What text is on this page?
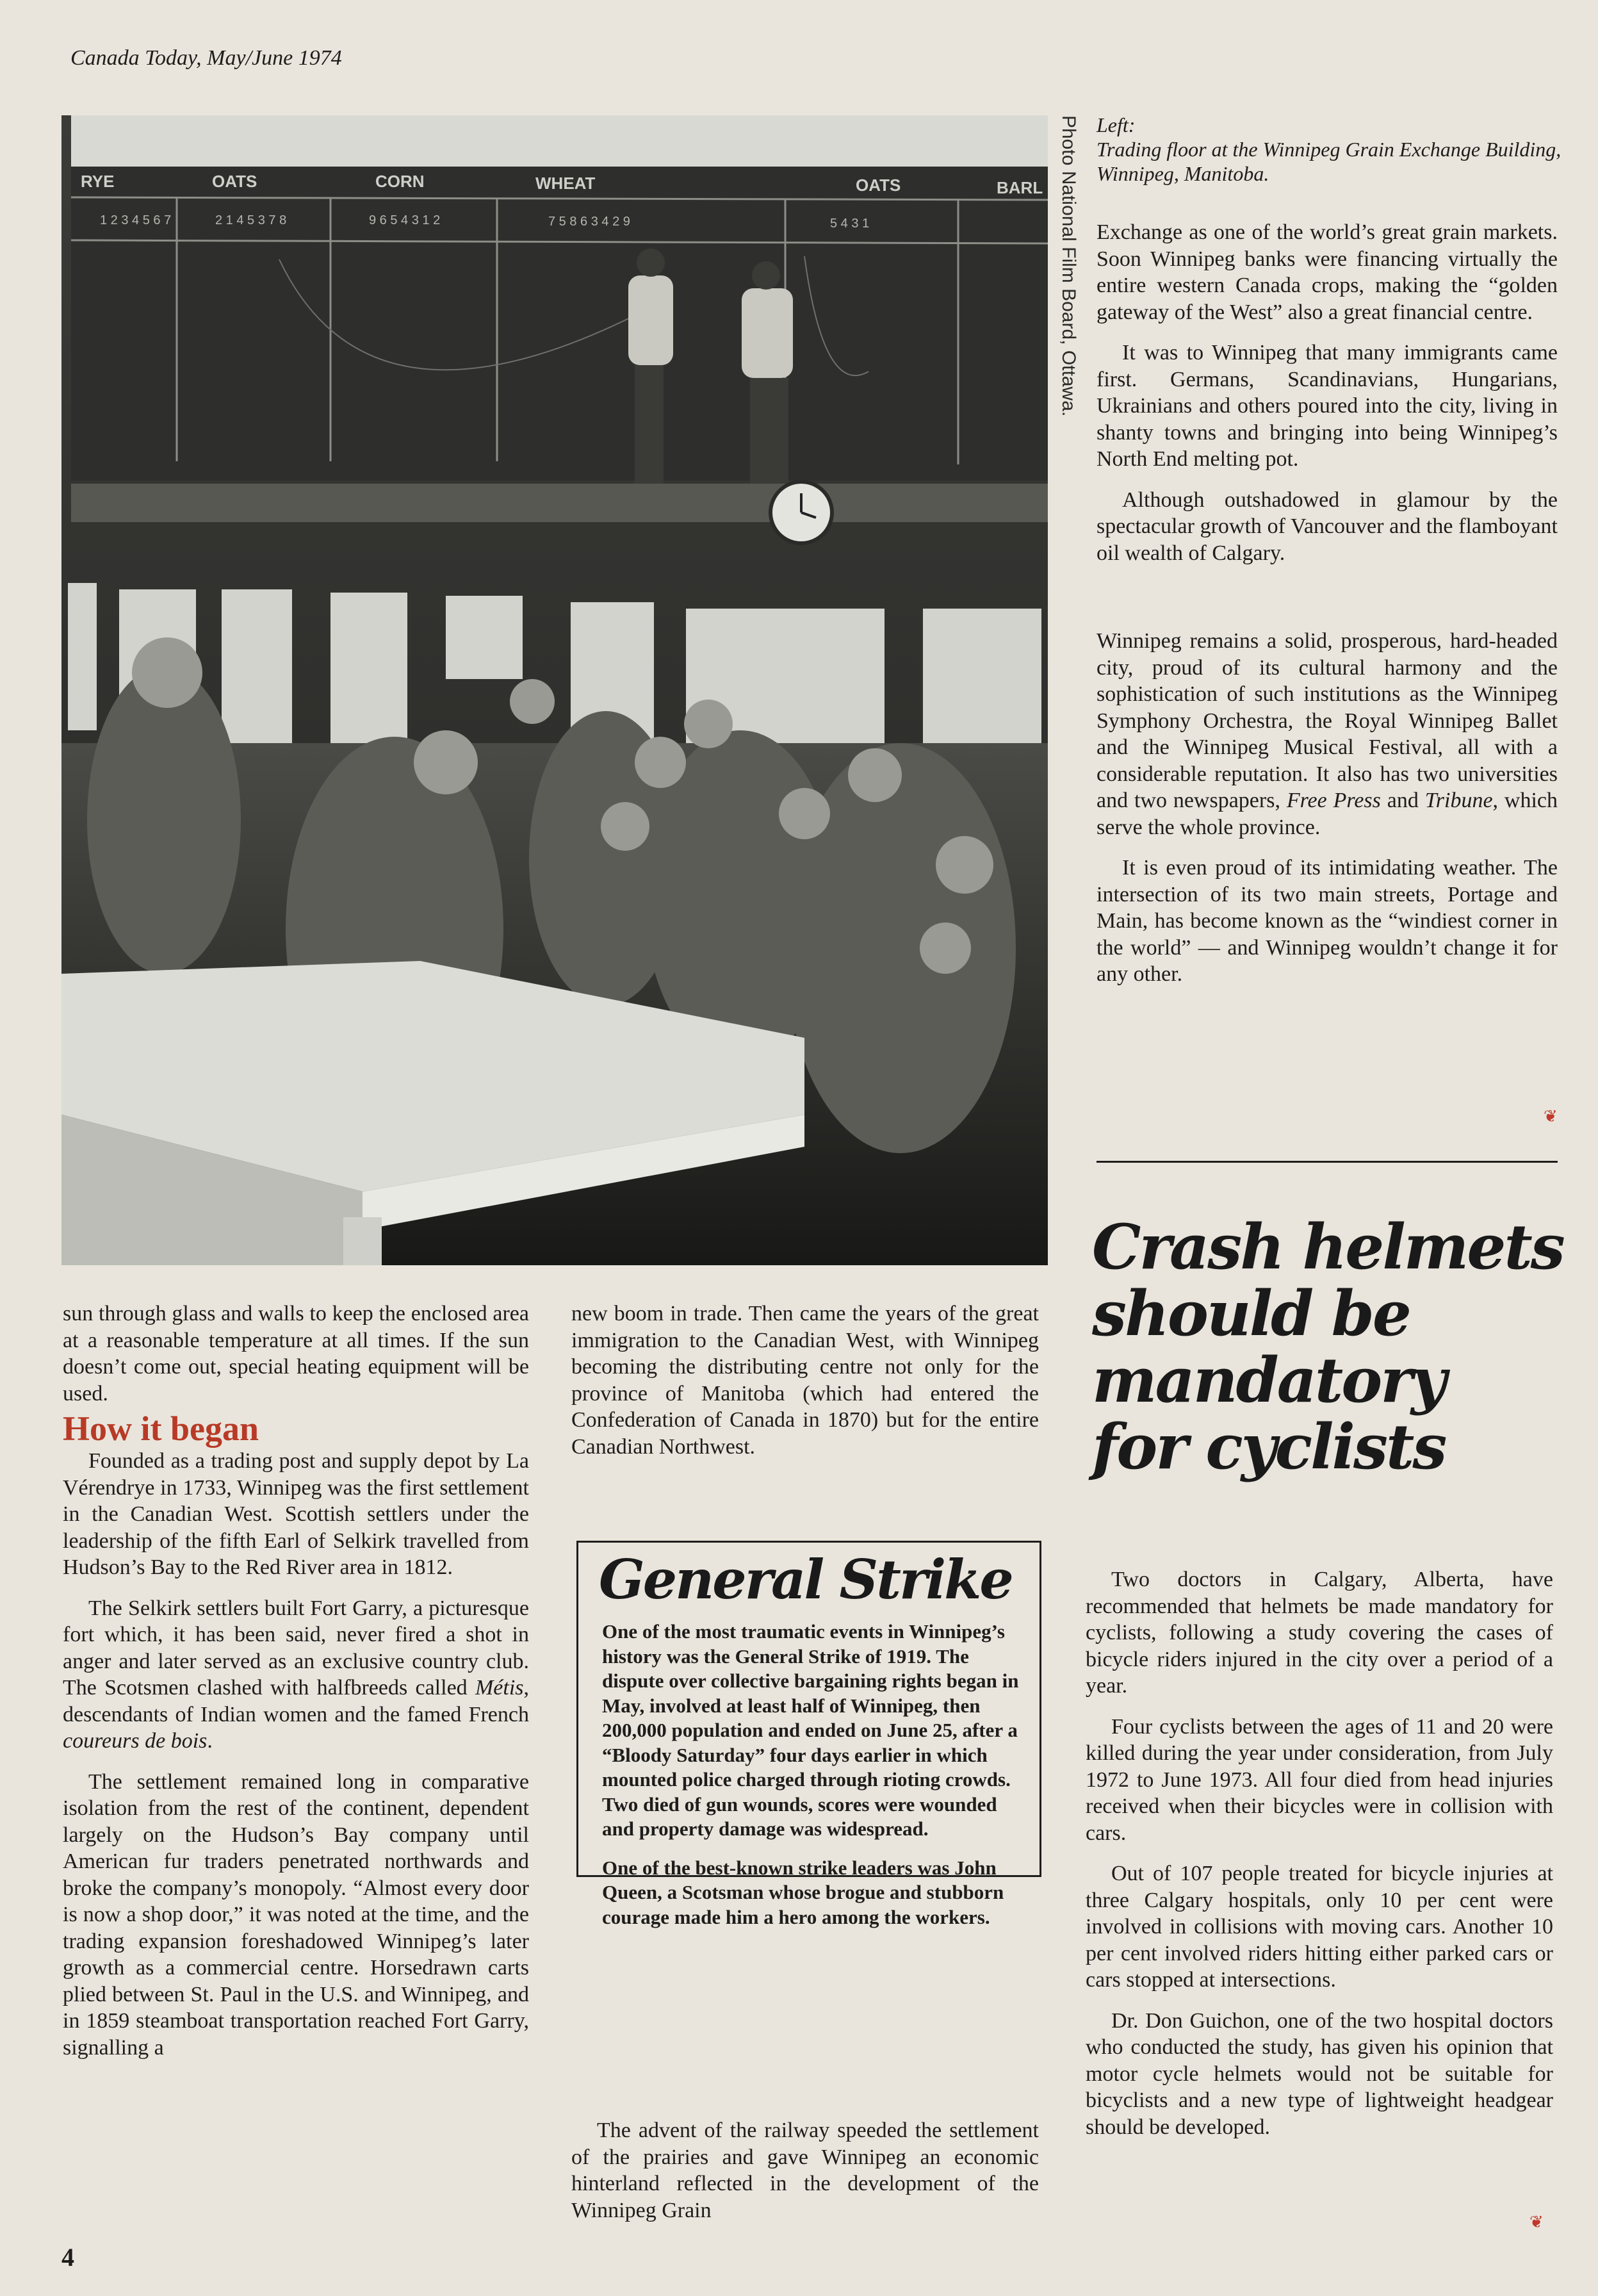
Canada Today, May/June 1974
RYE	OATS	CORN	WHEAT	OATS	BARL
1 2 3 4 5 6 7	2 1 4 5 3 7 8	9 6 5 4 3 1 2	7 5 8 6 3 4 2 9	5 4 3 1	Photo National Film Board, Ottawa. Left:
Trading floor at the Winnipeg Grain Exchange Building, Winnipeg, Manitoba.

Exchange as one of the world’s great grain markets. Soon Winnipeg banks were financing virtually the entire western Canada crops, making the “golden gateway of the West” also a great financial centre.

It was to Winnipeg that many immigrants came first. Germans, Scandinavians, Hungarians, Ukrainians and others poured into the city, living in shanty towns and bringing into being Winnipeg’s North End melting pot.

Although outshadowed in glamour by the spectacular growth of Vancouver and the flamboyant oil wealth of Calgary.

Winnipeg remains a solid, prosperous, hard-headed city, proud of its cultural harmony and the sophistication of such institutions as the Winnipeg Symphony Orchestra, the Royal Winnipeg Ballet and the Winnipeg Musical Festival, all with a considerable reputation. It also has two universities and two newspapers, Free Press and Tribune, which serve the whole province.

It is even proud of its intimidating weather. The intersection of its two main streets, Portage and Main, has become known as the “windiest corner in the world” — and Winnipeg wouldn’t change it for any other.

❦
Crash helmets
should be
mandatory
for cyclists

sun through glass and walls to keep the enclosed area at a reasonable temperature at all times. If the sun doesn’t come out, special heating equipment will be used.

How it began

Founded as a trading post and supply depot by La Vérendrye in 1733, Winnipeg was the first settlement in the Canadian West. Scottish settlers under the leadership of the fifth Earl of Selkirk travelled from Hudson’s Bay to the Red River area in 1812.

The Selkirk settlers built Fort Garry, a picturesque fort which, it has been said, never fired a shot in anger and later served as an exclusive country club. The Scotsmen clashed with halfbreeds called Métis, descendants of Indian women and the famed French coureurs de bois.

The settlement remained long in comparative isolation from the rest of the continent, dependent largely on the Hudson’s Bay company until American fur traders penetrated northwards and broke the company’s monopoly. “Almost every door is now a shop door,” it was noted at the time, and the trading expansion foreshadowed Winnipeg’s later growth as a commercial centre. Horsedrawn carts plied between St. Paul in the U.S. and Winnipeg, and in 1859 steamboat transportation reached Fort Garry, signalling a

new boom in trade. Then came the years of the great immigration to the Canadian West, with Winnipeg becoming the distributing centre not only for the province of Manitoba (which had entered the Confederation of Canada in 1870) but for the entire Canadian Northwest.

General Strike

One of the most traumatic events in Winnipeg’s history was the General Strike of 1919. The dispute over collective bargaining rights began in May, involved at least half of Winnipeg, then 200,000 population and ended on June 25, after a “Bloody Saturday” four days earlier in which mounted police charged through rioting crowds. Two died of gun wounds, scores were wounded and property damage was widespread.

One of the best-known strike leaders was John Queen, a Scotsman whose brogue and stubborn courage made him a hero among the workers.

The advent of the railway speeded the settlement of the prairies and gave Winnipeg an economic hinterland reflected in the development of the Winnipeg Grain

Two doctors in Calgary, Alberta, have recommended that helmets be made mandatory for cyclists, following a study covering the cases of bicycle riders injured in the city over a period of a year.

Four cyclists between the ages of 11 and 20 were killed during the year under consideration, from July 1972 to June 1973. All four died from head injuries received when their bicycles were in collision with cars.

Out of 107 people treated for bicycle injuries at three Calgary hospitals, only 10 per cent were involved in collisions with moving cars. Another 10 per cent involved riders hitting either parked cars or cars stopped at intersections.

Dr. Don Guichon, one of the two hospital doctors who conducted the study, has given his opinion that motor cycle helmets would not be suitable for bicyclists and a new type of lightweight headgear should be developed.

❦
4
